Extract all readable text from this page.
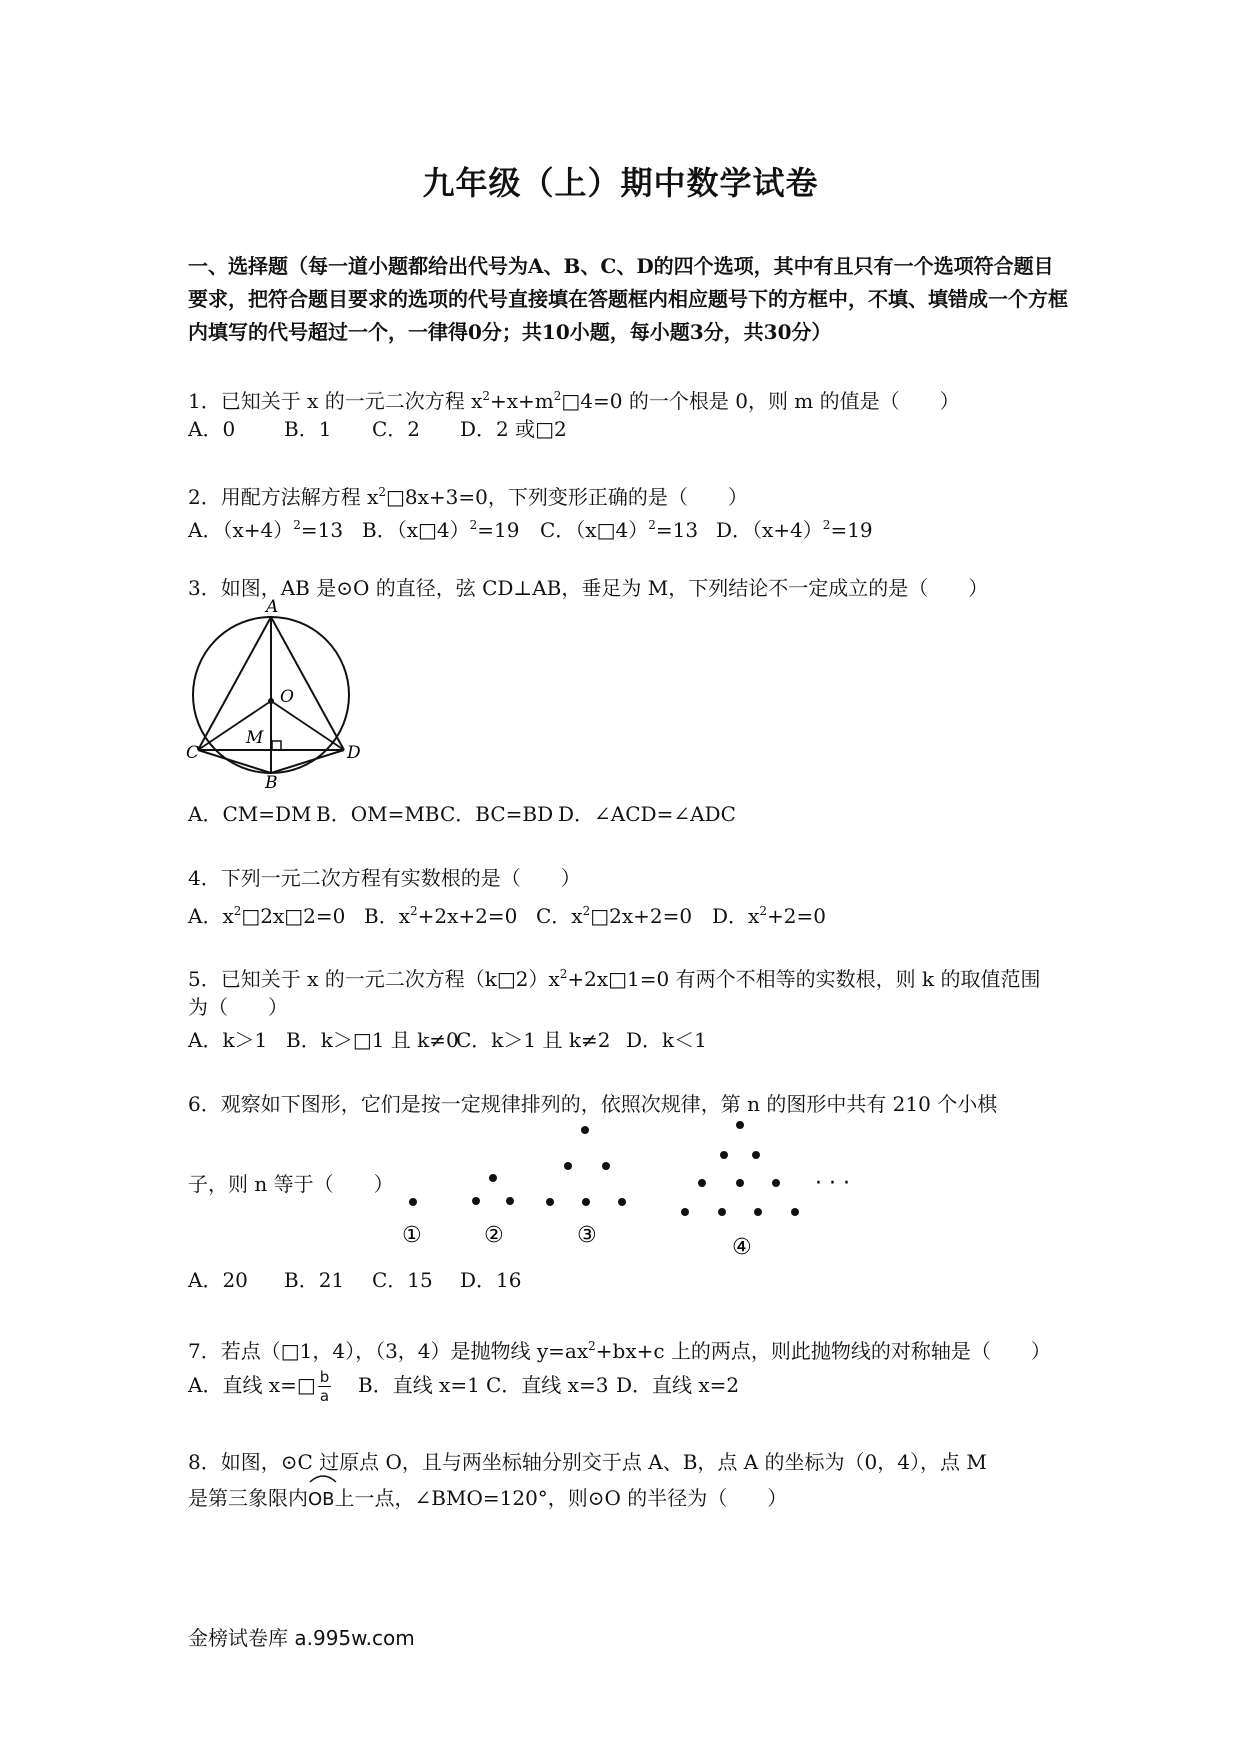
九年级（上）期中数学试卷
一、选择题（每一道小题都给出代号为A、B、C、D的四个选项，其中有且只有一个选项符合题目要求，把符合题目要求的选项的代号直接填在答题框内相应题号下的方框中，不填、填错成一个方框内填写的代号超过一个，一律得0分；共10小题，每小题3分，共30分）
1．已知关于 x 的一元二次方程 $x^2+x+m^2□4=0$ 的一个根是 0，则 m 的值是（　　）
A．0 B．1 C．2 D．2 或□2
2．用配方法解方程 $x^2□8x+3=0$，下列变形正确的是（　　）
A．$(x+4)^2=13$ B．（x□4）$^2$=19 C．（x□4）$^2$=13 D．$(x+4)^2=19$
3．如图，AB 是⊙O 的直径，弦 CD⊥AB，垂足为 M，下列结论不一定成立的是（　　）
A
O
M
C	D
B
A．CM=DM B．OM=MBC．BC=BD D．∠ACD=∠ADC
4．下列一元二次方程有实数根的是（　　）
A．$x^2□2x□2=0$ B．$x^2+2x+2=0$ C．$x^2□2x+2=0$ D．$x^2+2=0$
5．已知关于 x 的一元二次方程$(k□2)x^2+2x□1=0$ 有两个不相等的实数根，则 k 的取值范围
为（　　）
A．k＞1 B．k＞□1 且 k≠0C．k＞1 且 k≠2 D．k＜1
6．观察如下图形，它们是按一定规律排列的，依照次规律，第 n 的图形中共有 210 个小棋
子，则 n 等于（　　）	· · ·
①	②	③	④
A．20 B．21 C．15 D．16
7．若点（□1，4），（3，4）是抛物线 $y=ax^2+bx+c$ 上的两点，则此抛物线的对称轴是（　　）
A．直线 x=□ $\frac{b}{a}$ B．直线 x=1 C．直线 x=3 D．直线 x=2
8．如图，⊙C 过原点 O，且与两坐标轴分别交于点 A、B，点 A 的坐标为（0，4），点 M
是第三象限内
OB上一点，∠BMO=120°，则⊙O 的半径为（　　）
金榜试卷库 a.995w.com
